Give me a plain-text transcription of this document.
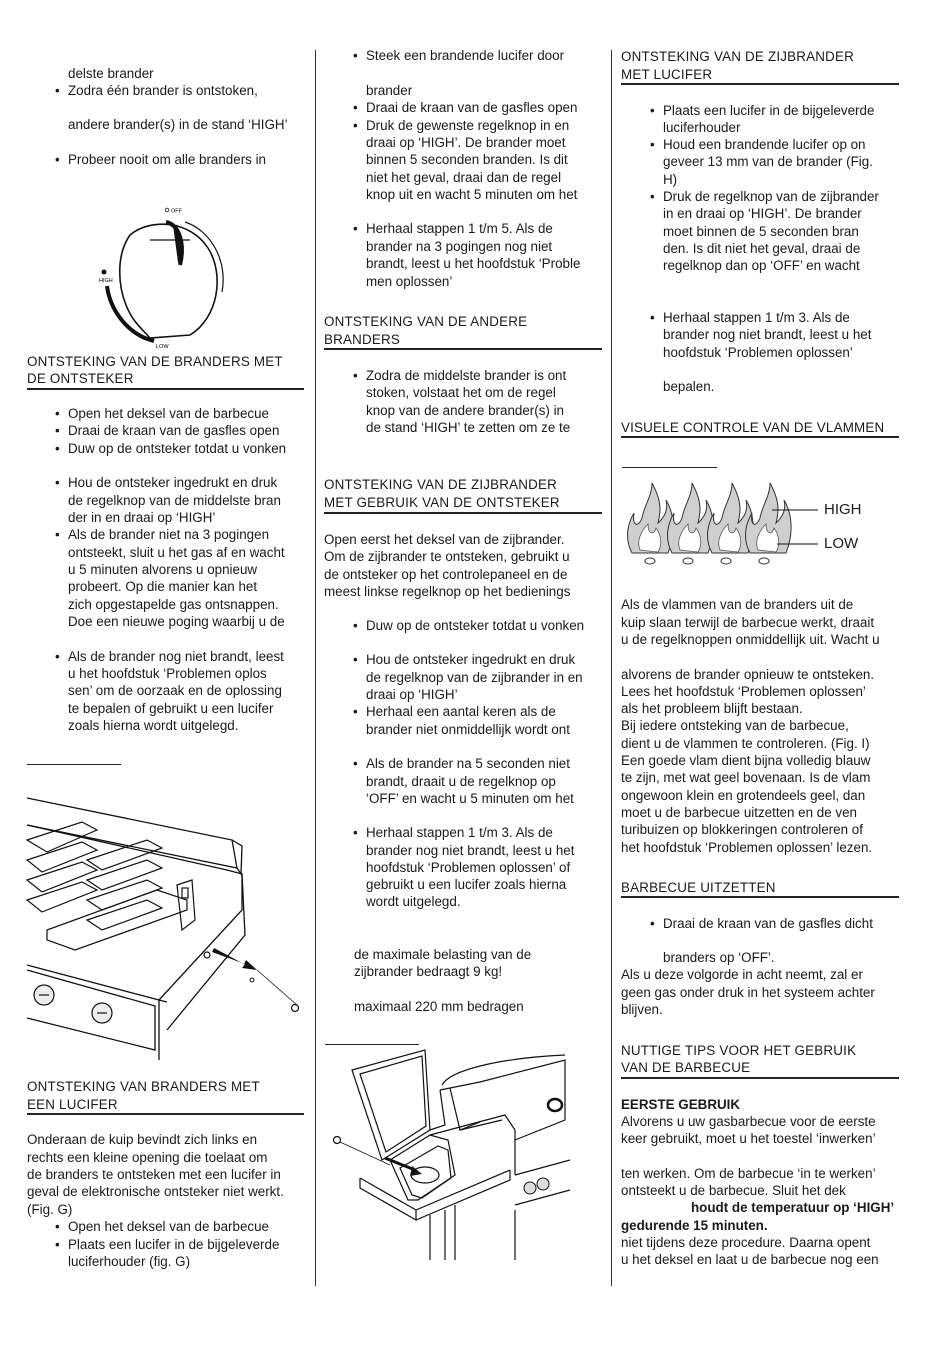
delste brander
• Zodra één brander is ontstoken,
andere brander(s) in de stand ‘HIGH’
• Probeer nooit om alle branders in
OFF
HIGH
LOW
ONTSTEKING VAN DE BRANDERS MET
DE ONTSTEKER
• Open het deksel van de barbecue
• Draai de kraan van de gasfles open
• Duw op de ontsteker totdat u vonken
• Hou de ontsteker ingedrukt en druk
de regelknop van de middelste bran
der in en draai op ‘HIGH’
• Als de brander niet na 3 pogingen
ontsteekt, sluit u het gas af en wacht
u 5 minuten alvorens u opnieuw
probeert. Op die manier kan het
zich opgestapelde gas ontsnappen.
Doe een nieuwe poging waarbij u de
• Als de brander nog niet brandt, leest
u het hoofdstuk ‘Problemen oplos
sen’ om de oorzaak en de oplossing
te bepalen of gebruikt u een lucifer
zoals hierna wordt uitgelegd.
ONTSTEKING VAN BRANDERS MET
EEN LUCIFER
Onderaan de kuip bevindt zich links en
rechts een kleine opening die toelaat om
de branders te ontsteken met een lucifer in
geval de elektronische ontsteker niet werkt.
(Fig. G)
• Open het deksel van de barbecue
• Plaats een lucifer in de bijgeleverde
luciferhouder (fig. G)
• Steek een brandende lucifer door
brander
• Draai de kraan van de gasfles open
• Druk de gewenste regelknop in en
draai op ‘HIGH’. De brander moet
binnen 5 seconden branden. Is dit
niet het geval, draai dan de regel
knop uit en wacht 5 minuten om het
• Herhaal stappen 1 t/m 5. Als de
brander na 3 pogingen nog niet
brandt, leest u het hoofdstuk ‘Proble
men oplossen’
ONTSTEKING VAN DE ANDERE
BRANDERS
• Zodra de middelste brander is ont
stoken, volstaat het om de regel
knop van de andere brander(s) in
de stand ‘HIGH’ te zetten om ze te
ONTSTEKING VAN DE ZIJBRANDER
MET GEBRUIK VAN DE ONTSTEKER
Open eerst het deksel van de zijbrander.
Om de zijbrander te ontsteken, gebruikt u
de ontsteker op het controlepaneel en de
meest linkse regelknop op het bedienings
• Duw op de ontsteker totdat u vonken
• Hou de ontsteker ingedrukt en druk
de regelknop van de zijbrander in en
draai op ‘HIGH’
• Herhaal een aantal keren als de
brander niet onmiddellijk wordt ont
• Als de brander na 5 seconden niet
brandt, draait u de regelknop op
‘OFF’ en wacht u 5 minuten om het
• Herhaal stappen 1 t/m 3. Als de
brander nog niet brandt, leest u het
hoofdstuk ‘Problemen oplossen’ of
gebruikt u een lucifer zoals hierna
wordt uitgelegd.
de maximale belasting van de
zijbrander bedraagt 9 kg!
maximaal 220 mm bedragen
ONTSTEKING VAN DE ZIJBRANDER
MET LUCIFER
• Plaats een lucifer in de bijgeleverde
luciferhouder
• Houd een brandende lucifer op on
geveer 13 mm van de brander (Fig.
H)
• Druk de regelknop van de zijbrander
in en draai op ‘HIGH’. De brander
moet binnen de 5 seconden bran
den. Is dit niet het geval, draai de
regelknop dan op ‘OFF’ en wacht
• Herhaal stappen 1 t/m 3. Als de
brander nog niet brandt, leest u het
hoofdstuk ‘Problemen oplossen’
bepalen.
VISUELE CONTROLE VAN DE VLAMMEN
HIGH
LOW
Als de vlammen van de branders uit de
kuip slaan terwijl de barbecue werkt, draait
u de regelknoppen onmiddellijk uit. Wacht u
alvorens de brander opnieuw te ontsteken.
Lees het hoofdstuk ‘Problemen oplossen’
als het probleem blijft bestaan.
Bij iedere ontsteking van de barbecue,
dient u de vlammen te controleren. (Fig. I)
Een goede vlam dient bijna volledig blauw
te zijn, met wat geel bovenaan. Is de vlam
ongewoon klein en grotendeels geel, dan
moet u de barbecue uitzetten en de ven
turibuizen op blokkeringen controleren of
het hoofdstuk ‘Problemen oplossen’ lezen.
BARBECUE UITZETTEN
• Draai de kraan van de gasfles dicht
branders op ‘OFF’.
Als u deze volgorde in acht neemt, zal er
geen gas onder druk in het systeem achter
blijven.
NUTTIGE TIPS VOOR HET GEBRUIK
VAN DE BARBECUE
EERSTE GEBRUIK
Alvorens u uw gasbarbecue voor de eerste
keer gebruikt, moet u het toestel ‘inwerken’
ten werken. Om de barbecue ‘in te werken’
ontsteekt u de barbecue. Sluit het dek
houdt de temperatuur op ‘HIGH’
gedurende 15 minuten.
niet tijdens deze procedure. Daarna opent
u het deksel en laat u de barbecue nog een
